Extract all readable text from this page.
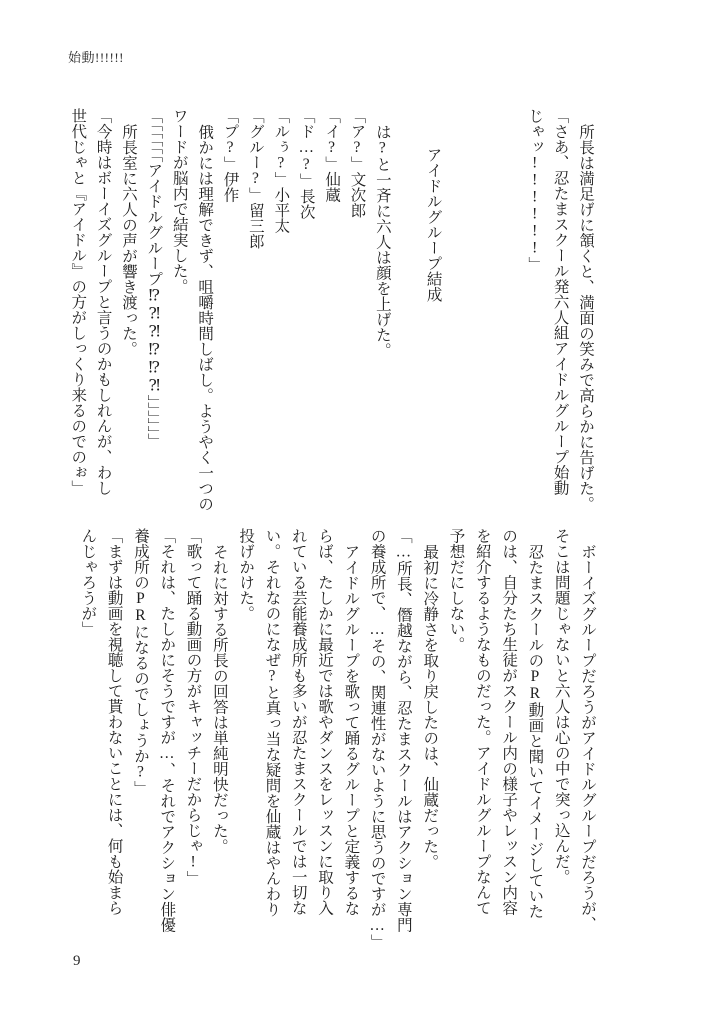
始動!!!!!!
所長は満足げに頷くと、満面の笑みで高らかに告げた。
「さあ、忍たまスクール発六人組アイドルグループ始動
じゃッ!!!!!!」
アイドルグループ結成
は?と一斉に六人は顔を上げた。
「ア?」文次郎
「イ?」仙蔵
「ド…?」長次
「ルぅ?」小平太
「グルー?」留三郎
「プ?」伊作
俄かには理解できず、咀嚼時間しばし。ようやく一つの
ワードが脳内で結実した。
「「「「「「アイドルグループ⁉⁈⁈⁉⁉⁈」」」」」」
所長室に六人の声が響き渡った。
「今時はボーイズグループと言うのかもしれんが、わし
世代じゃと『アイドル』の方がしっくり来るのでのぉ」
ボーイズグループだろうがアイドルグループだろうが、
そこは問題じゃないと六人は心の中で突っ込んだ。
忍たまスクールのPR動画と聞いてイメージしていた
のは、自分たち生徒がスクール内の様子やレッスン内容
を紹介するようなものだった。アイドルグループなんて
予想だにしない。
最初に冷静さを取り戻したのは、仙蔵だった。
「…所長、僭越ながら、忍たまスクールはアクション専門
の養成所で、…その、関連性がないように思うのですが…」
アイドルグループを歌って踊るグループと定義するな
らば、たしかに最近では歌やダンスをレッスンに取り入
れている芸能養成所も多いが忍たまスクールでは一切な
い。それなのになぜ?と真っ当な疑問を仙蔵はやんわり
投げかけた。
それに対する所長の回答は単純明快だった。
「歌って踊る動画の方がキャッチーだからじゃ!」
「それは、たしかにそうですが…、それでアクション俳優
養成所のPRになるのでしょうか?」
「まずは動画を視聴して貰わないことには、何も始まら
んじゃろうが」
9
